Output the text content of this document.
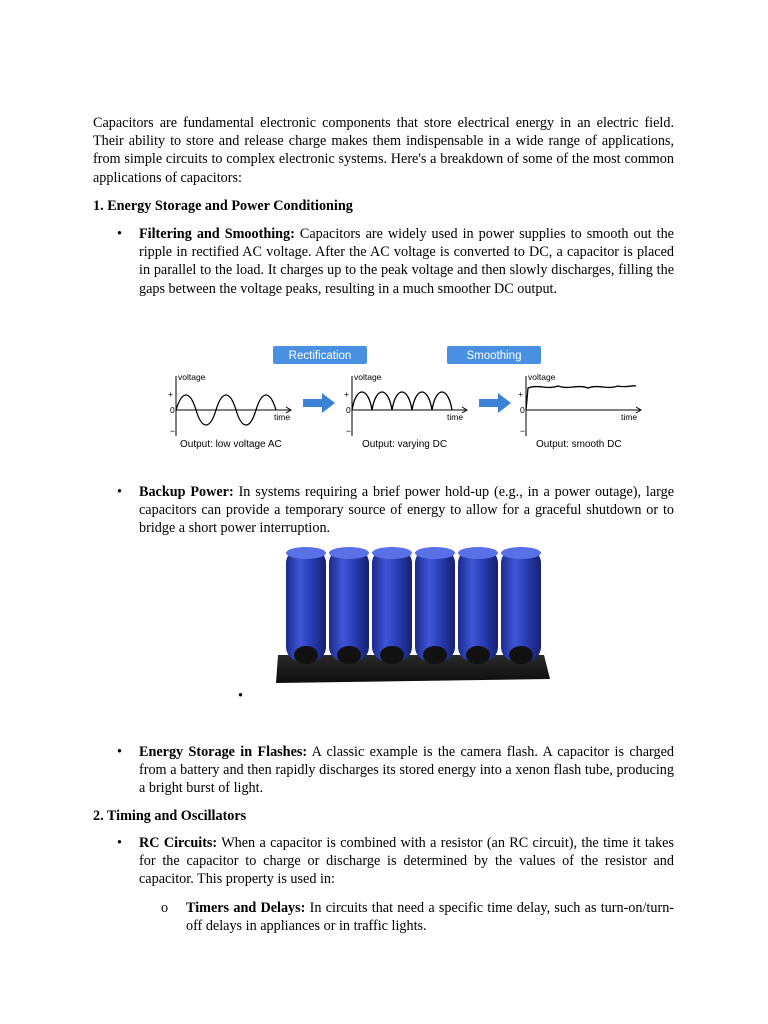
Capacitors are fundamental electronic components that store electrical energy in an electric field. Their ability to store and release charge makes them indispensable in a wide range of applications, from simple circuits to complex electronic systems. Here's a breakdown of some of the most common applications of capacitors:
1. Energy Storage and Power Conditioning
•	Filtering and Smoothing: Capacitors are widely used in power supplies to smooth out the ripple in rectified AC voltage. After the AC voltage is converted to DC, a capacitor is placed in parallel to the load. It charges up to the peak voltage and then slowly discharges, filling the gaps between the voltage peaks, resulting in a much smoother DC output.
Rectification	Smoothing
voltage
+
0
−
time
Output: low voltage AC
voltage
+
0
−
time
Output: varying DC
voltage
+
0
−
time
Output: smooth DC
•	Backup Power: In systems requiring a brief power hold-up (e.g., in a power outage), large capacitors can provide a temporary source of energy to allow for a graceful shutdown or to bridge a short power interruption.
•
•	Energy Storage in Flashes: A classic example is the camera flash. A capacitor is charged from a battery and then rapidly discharges its stored energy into a xenon flash tube, producing a bright burst of light.
2. Timing and Oscillators
•	RC Circuits: When a capacitor is combined with a resistor (an RC circuit), the time it takes for the capacitor to charge or discharge is determined by the values of the resistor and capacitor. This property is used in:
o	Timers and Delays: In circuits that need a specific time delay, such as turn-on/turn-off delays in appliances or in traffic lights.
